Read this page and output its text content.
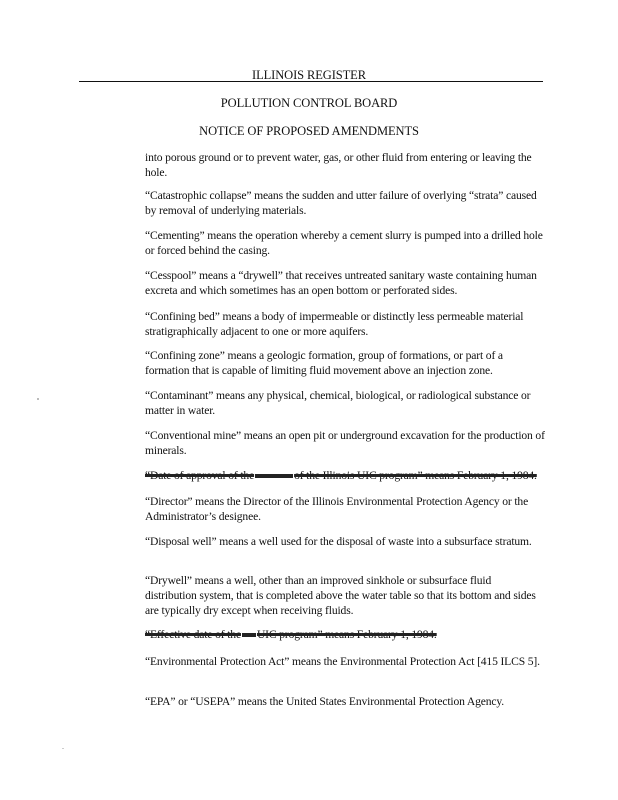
ILLINOIS REGISTER
POLLUTION CONTROL BOARD
NOTICE OF PROPOSED AMENDMENTS
into porous ground or to prevent water, gas, or other fluid from entering or leaving the hole.
“Catastrophic collapse” means the sudden and utter failure of overlying “strata” caused by removal of underlying materials.
“Cementing” means the operation whereby a cement slurry is pumped into a drilled hole or forced behind the casing.
“Cesspool” means a “drywell” that receives untreated sanitary waste containing human excreta and which sometimes has an open bottom or perforated sides.
“Confining bed” means a body of impermeable or distinctly less permeable material stratigraphically adjacent to one or more aquifers.
“Confining zone” means a geologic formation, group of formations, or part of a formation that is capable of limiting fluid movement above an injection zone.
“Contaminant” means any physical, chemical, biological, or radiological substance or matter in water.
“Conventional mine” means an open pit or underground excavation for the production of minerals.
“Date of approval of the	of the Illinois UIC program” means February 1, 1984.
“Director” means the Director of the Illinois Environmental Protection Agency or the Administrator’s designee.
“Disposal well” means a well used for the disposal of waste into a subsurface stratum.
“Drywell” means a well, other than an improved sinkhole or subsurface fluid distribution system, that is completed above the water table so that its bottom and sides are typically dry except when receiving fluids.
“Effective date of the UIC program” means February 1, 1984.
“Environmental Protection Act” means the Environmental Protection Act [415 ILCS 5].
“EPA” or “USEPA” means the United States Environmental Protection Agency.
